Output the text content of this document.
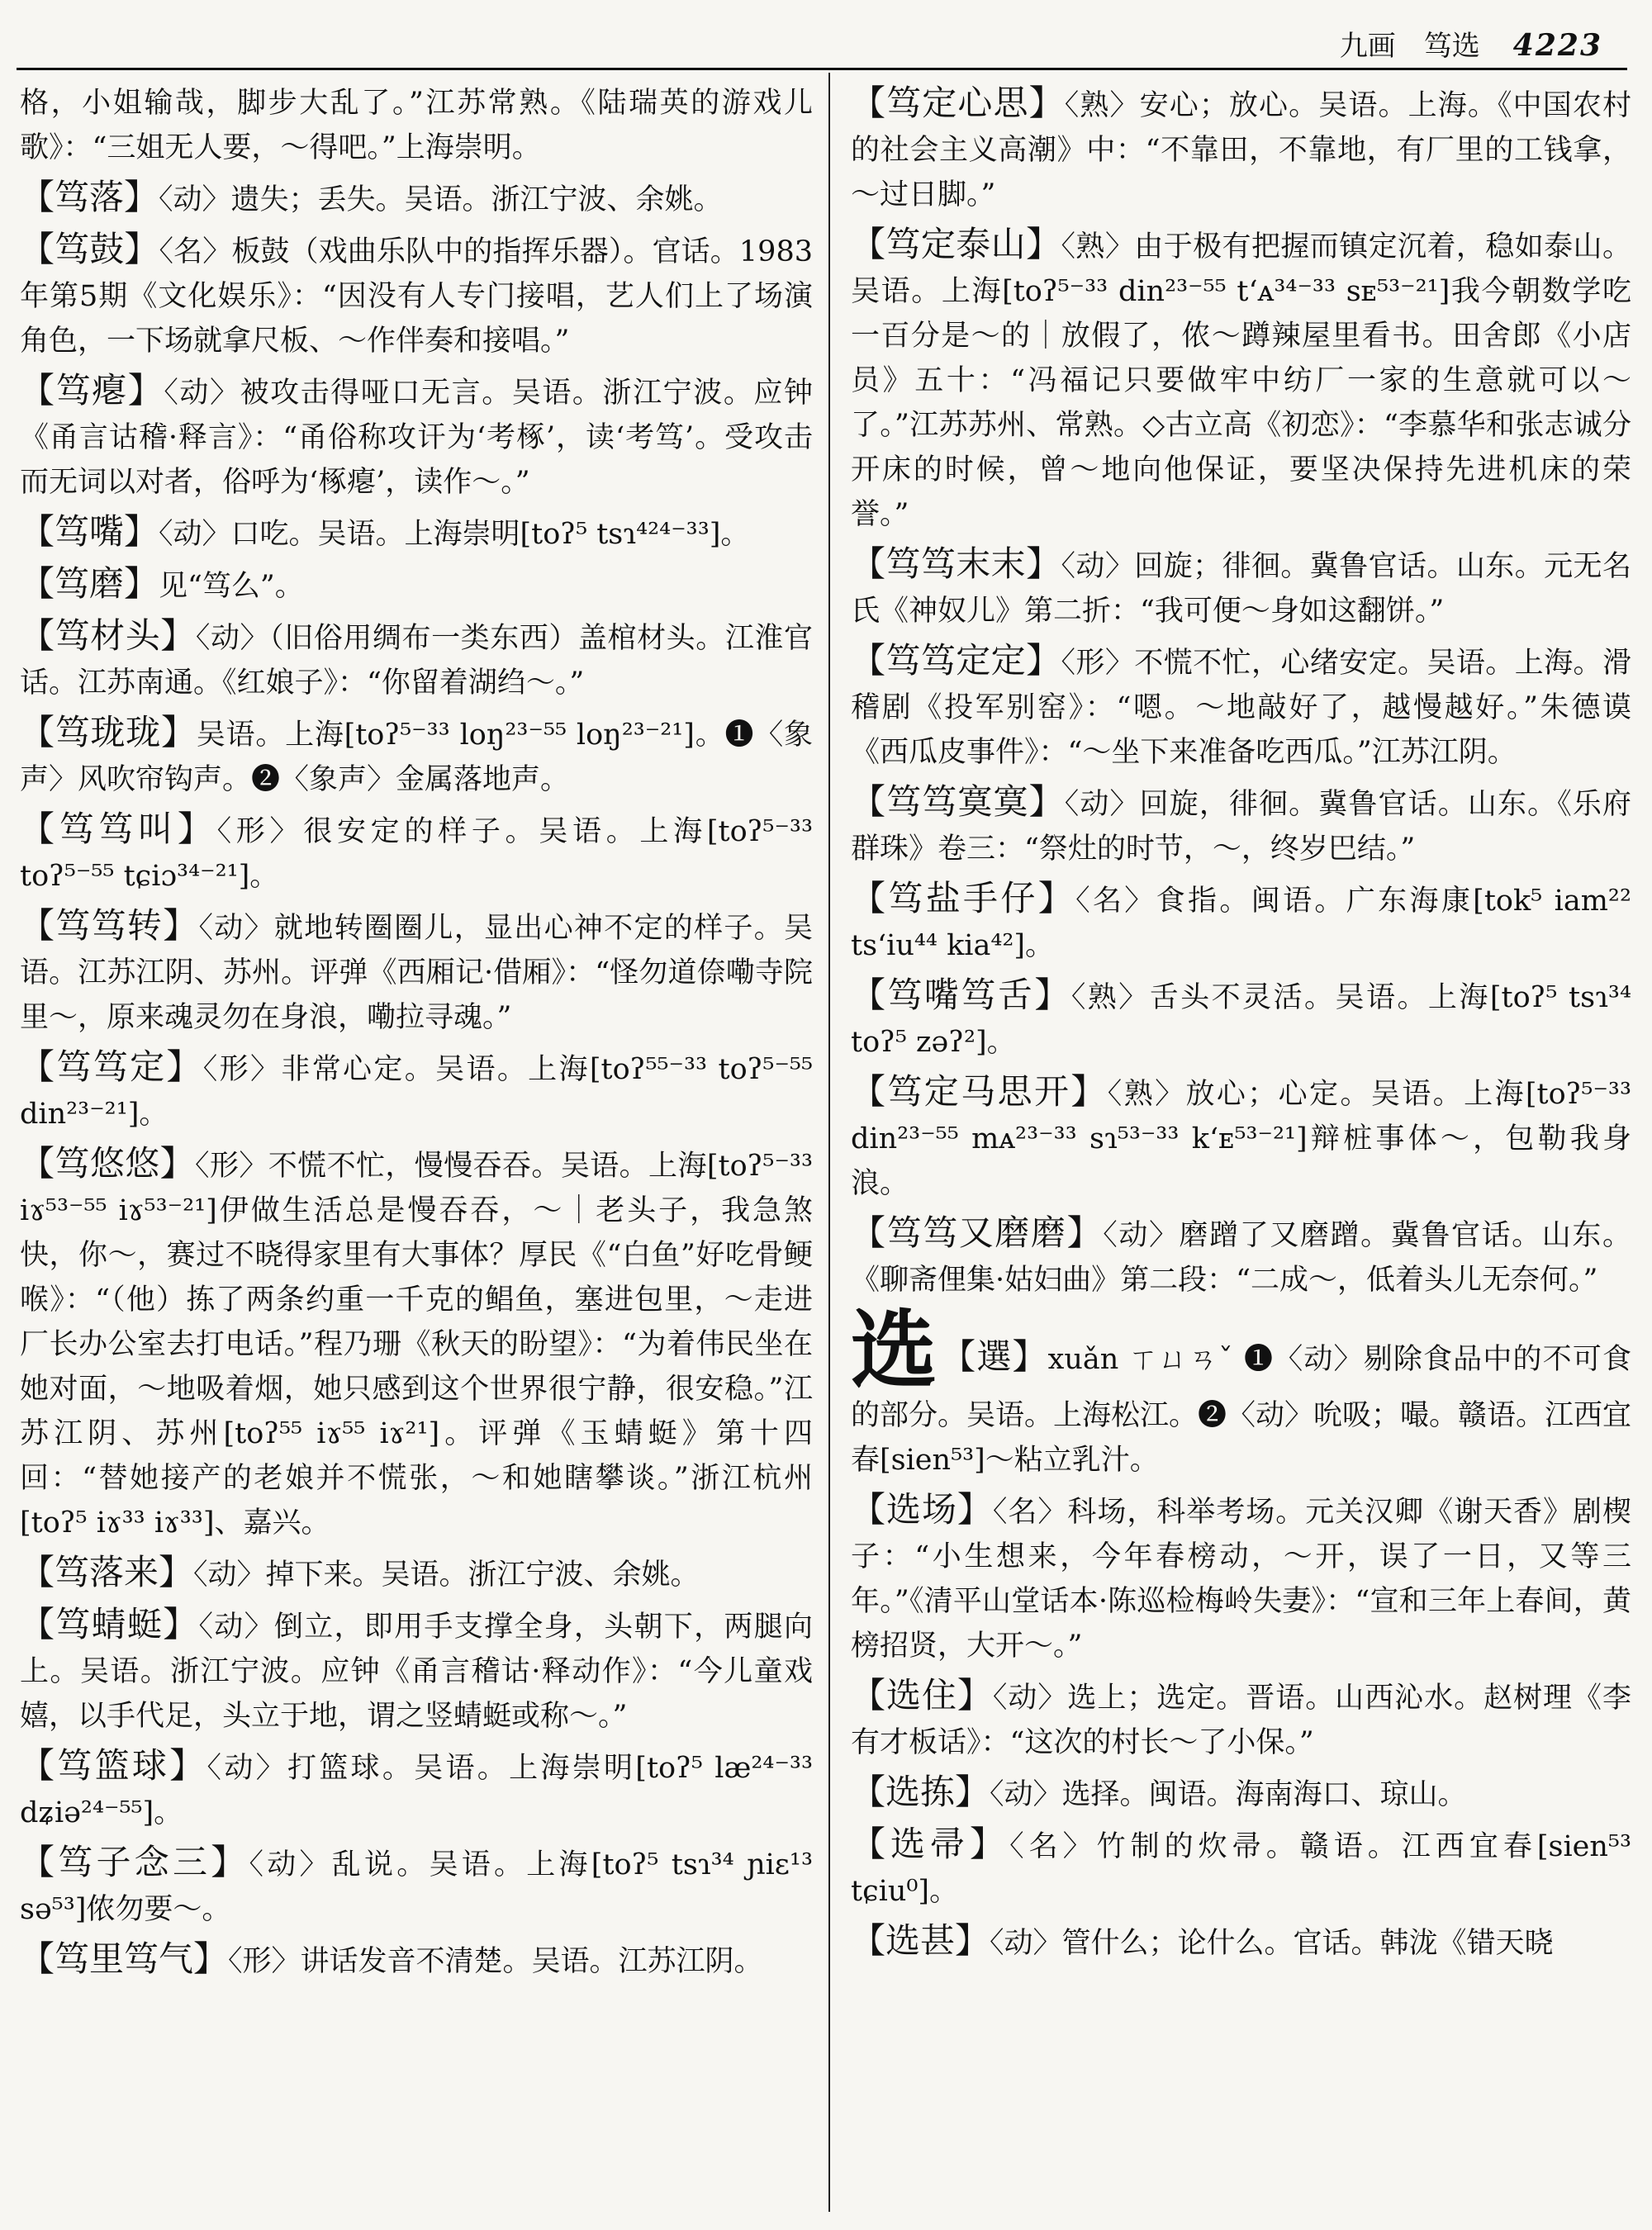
九画　笃选 4223
格，小姐输哉，脚步大乱了。”江苏常熟。《陆瑞英的游戏儿歌》：“三姐无人要，～得吧。”上海崇明。
【笃落】〈动〉遗失；丢失。吴语。浙江宁波、余姚。
【笃鼓】〈名〉板鼓（戏曲乐队中的指挥乐器）。官话。1983年第5期《文化娱乐》：“因没有人专门接唱，艺人们上了场演角色，一下场就拿尺板、～作伴奏和接唱。”
【笃瘪】〈动〉被攻击得哑口无言。吴语。浙江宁波。应钟《甬言诂稽·释言》：“甬俗称攻讦为‘考椓’，读‘考笃’。受攻击而无词以对者，俗呼为‘椓瘪’，读作～。”
【笃嘴】〈动〉口吃。吴语。上海崇明[toʔ⁵ tsɿ⁴²⁴⁻³³]。
【笃磨】见“笃么”。
【笃材头】〈动〉（旧俗用绸布一类东西）盖棺材头。江淮官话。江苏南通。《红娘子》：“你留着湖绉～。”
【笃珑珑】吴语。上海[toʔ⁵⁻³³ loŋ²³⁻⁵⁵ loŋ²³⁻²¹]。❶〈象声〉风吹帘钩声。❷〈象声〉金属落地声。
【笃笃叫】〈形〉很安定的样子。吴语。上海[toʔ⁵⁻³³ toʔ⁵⁻⁵⁵ tɕiɔ³⁴⁻²¹]。
【笃笃转】〈动〉就地转圈圈儿，显出心神不定的样子。吴语。江苏江阴、苏州。评弹《西厢记·借厢》：“怪勿道倷嘞寺院里～，原来魂灵勿在身浪，嘞拉寻魂。”
【笃笃定】〈形〉非常心定。吴语。上海[toʔ⁵⁵⁻³³ toʔ⁵⁻⁵⁵ din²³⁻²¹]。
【笃悠悠】〈形〉不慌不忙，慢慢吞吞。吴语。上海[toʔ⁵⁻³³ iɤ⁵³⁻⁵⁵ iɤ⁵³⁻²¹]伊做生活总是慢吞吞，～｜老头子，我急煞快，你～，赛过不晓得家里有大事体？厚民《“白鱼”好吃骨鲠喉》：“（他）拣了两条约重一千克的鲳鱼，塞进包里，～走进厂长办公室去打电话。”程乃珊《秋天的盼望》：“为着伟民坐在她对面，～地吸着烟，她只感到这个世界很宁静，很安稳。”江苏江阴、苏州[toʔ⁵⁵ iɤ⁵⁵ iɤ²¹]。评弹《玉蜻蜓》第十四回：“替她接产的老娘并不慌张，～和她瞎攀谈。”浙江杭州[toʔ⁵ iɤ³³ iɤ³³]、嘉兴。
【笃落来】〈动〉掉下来。吴语。浙江宁波、余姚。
【笃蜻蜓】〈动〉倒立，即用手支撑全身，头朝下，两腿向上。吴语。浙江宁波。应钟《甬言稽诂·释动作》：“今儿童戏嬉，以手代足，头立于地，谓之竖蜻蜓或称～。”
【笃篮球】〈动〉打篮球。吴语。上海崇明[toʔ⁵ læ²⁴⁻³³ dʑiə²⁴⁻⁵⁵]。
【笃子念三】〈动〉乱说。吴语。上海[toʔ⁵ tsɿ³⁴ ɲiɛ¹³ sə⁵³]侬勿要～。
【笃里笃气】〈形〉讲话发音不清楚。吴语。江苏江阴。
【笃定心思】〈熟〉安心；放心。吴语。上海。《中国农村的社会主义高潮》中：“不靠田，不靠地，有厂里的工钱拿，～过日脚。”
【笃定泰山】〈熟〉由于极有把握而镇定沉着，稳如泰山。吴语。上海[toʔ⁵⁻³³ din²³⁻⁵⁵ tʻᴀ³⁴⁻³³ sᴇ⁵³⁻²¹]我今朝数学吃一百分是～的｜放假了，侬～蹲辣屋里看书。田舍郎《小店员》五十：“冯福记只要做牢中纺厂一家的生意就可以～了。”江苏苏州、常熟。◇古立高《初恋》：“李慕华和张志诚分开床的时候，曾～地向他保证，要坚决保持先进机床的荣誉。”
【笃笃末末】〈动〉回旋；徘徊。冀鲁官话。山东。元无名氏《神奴儿》第二折：“我可便～身如这翻饼。”
【笃笃定定】〈形〉不慌不忙，心绪安定。吴语。上海。滑稽剧《投军别窑》：“嗯。～地敲好了，越慢越好。”朱德谟《西瓜皮事件》：“～坐下来准备吃西瓜。”江苏江阴。
【笃笃寞寞】〈动〉回旋，徘徊。冀鲁官话。山东。《乐府群珠》卷三：“祭灶的时节，～，终岁巴结。”
【笃盐手仔】〈名〉食指。闽语。广东海康[tok⁵ iam²² tsʻiu⁴⁴ kia⁴²]。
【笃嘴笃舌】〈熟〉舌头不灵活。吴语。上海[toʔ⁵ tsɿ³⁴ toʔ⁵ zəʔ²]。
【笃定马思开】〈熟〉放心；心定。吴语。上海[toʔ⁵⁻³³ din²³⁻⁵⁵ mᴀ²³⁻³³ sɿ⁵³⁻³³ kʻᴇ⁵³⁻²¹]辩桩事体～，包勒我身浪。
【笃笃又磨磨】〈动〉磨蹭了又磨蹭。冀鲁官话。山东。《聊斋俚集·姑妇曲》第二段：“二成～，低着头儿无奈何。”
选【選】xuǎn ㄒㄩㄢˇ ❶〈动〉剔除食品中的不可食的部分。吴语。上海松江。❷〈动〉吮吸；嘬。赣语。江西宜春[sien⁵³]～粘立乳汁。
【选场】〈名〉科场，科举考场。元关汉卿《谢天香》剧楔子：“小生想来，今年春榜动，～开，误了一日，又等三年。”《清平山堂话本·陈巡检梅岭失妻》：“宣和三年上春间，黄榜招贤，大开～。”
【选住】〈动〉选上；选定。晋语。山西沁水。赵树理《李有才板话》：“这次的村长～了小保。”
【选拣】〈动〉选择。闽语。海南海口、琼山。
【选帚】〈名〉竹制的炊帚。赣语。江西宜春[sien⁵³ tɕiu⁰]。
【选甚】〈动〉管什么；论什么。官话。韩泷《错天晓
